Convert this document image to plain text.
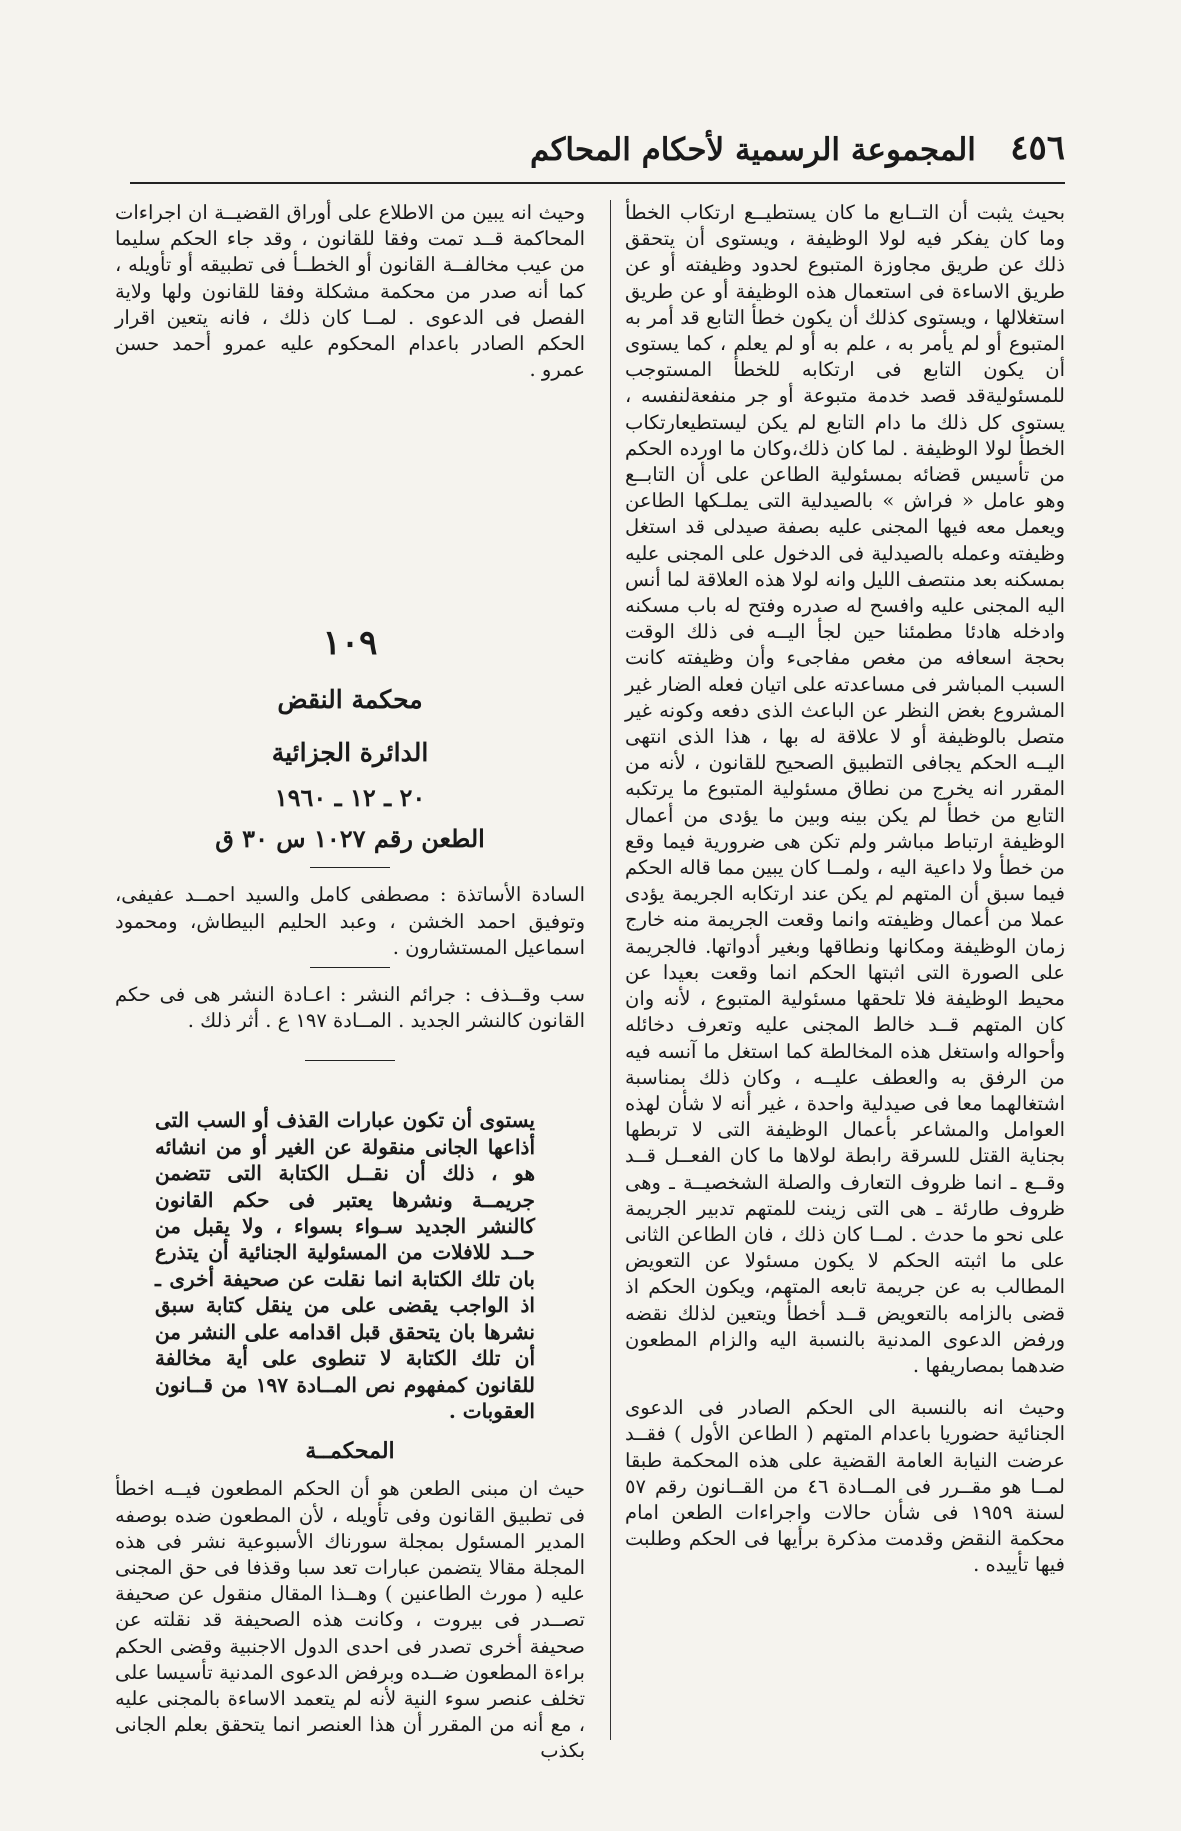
٤٥٦
المجموعة الرسمية لأحكام المحاكم

بحيث يثبت أن التــابع ما كان يستطيــع ارتكاب الخطأ وما كان يفكر فيه لولا الوظيفة ، ويستوى أن يتحقق ذلك عن طريق مجاوزة المتبوع لحدود وظيفته أو عن طريق الاساءة فى استعمال هذه الوظيفة أو عن طريق استغلالها ، ويستوى كذلك أن يكون خطأ التابع قد أمر به المتبوع أو لم يأمر به ، علم به أو لم يعلم ، كما يستوى أن يكون التابع فى ارتكابه للخطأ المستوجب للمسئوليةقد قصد خدمة متبوعة أو جر منفعةلنفسه ، يستوى كل ذلك ما دام التابع لم يكن ليستطيعارتكاب الخطأ لولا الوظيفة . لما كان ذلك،وكان ما اورده الحكم من تأسيس قضائه بمسئولية الطاعن على أن التابــع وهو عامل « فراش » بالصيدلية التى يملـكها الطاعن ويعمل معه فيها المجنى عليه بصفة صيدلى قد استغل وظيفته وعمله بالصيدلية فى الدخول على المجنى عليه بمسكنه بعد منتصف الليل وانه لولا هذه العلاقة لما أنس اليه المجنى عليه وافسح له صدره وفتح له باب مسكنه وادخله هادئا مطمئنا حين لجأ اليــه فى ذلك الوقت بحجة اسعافه من مغص مفاجىء وأن وظيفته كانت السبب المباشر فى مساعدته على اتيان فعله الضار غير المشروع بغض النظر عن الباعث الذى دفعه وكونه غير متصل بالوظيفة أو لا علاقة له بها ، هذا الذى انتهى اليــه الحكم يجافى التطبيق الصحيح للقانون ، لأنه من المقرر انه يخرج من نطاق مسئولية المتبوع ما يرتكبه التابع من خطأ لم يكن بينه وبين ما يؤدى من أعمال الوظيفة ارتباط مباشر ولم تكن هى ضرورية فيما وقع من خطأ ولا داعية اليه ، ولمــا كان يبين مما قاله الحكم فيما سبق أن المتهم لم يكن عند ارتكابه الجريمة يؤدى عملا من أعمال وظيفته وانما وقعت الجريمة منه خارج زمان الوظيفة ومكانها ونطاقها وبغير أدواتها. فالجريمة على الصورة التى اثبتها الحكم انما وقعت بعيدا عن محيط الوظيفة فلا تلحقها مسئولية المتبوع ، لأنه وان كان المتهم قــد خالط المجنى عليه وتعرف دخائله وأحواله واستغل هذه المخالطة كما استغل ما آنسه فيه من الرفق به والعطف عليــه ، وكان ذلك بمناسبة اشتغالهما معا فى صيدلية واحدة ، غير أنه لا شأن لهذه العوامل والمشاعر بأعمال الوظيفة التى لا تربطها بجناية القتل للسرقة رابطة لولاها ما كان الفعــل قــد وقــع ـ انما ظروف التعارف والصلة الشخصيــة ـ وهى ظروف طارئة ـ هى التى زينت للمتهم تدبير الجريمة على نحو ما حدث . لمــا كان ذلك ، فان الطاعن الثانى على ما اثبته الحكم لا يكون مسئولا عن التعويض المطالب به عن جريمة تابعه المتهم، ويكون الحكم اذ قضى بالزامه بالتعويض قــد أخطأ ويتعين لذلك نقضه ورفض الدعوى المدنية بالنسبة اليه والزام المطعون ضدهما بمصاريفها .

وحيث انه بالنسبة الى الحكم الصادر فى الدعوى الجنائية حضوريا باعدام المتهم ( الطاعن الأول ) فقــد عرضت النيابة العامة القضية على هذه المحكمة طبقا لمــا هو مقــرر فى المــادة ٤٦ من القــانون رقم ٥٧ لسنة ١٩٥٩ فى شأن حالات واجراءات الطعن امام محكمة النقض وقدمت مذكرة برأيها فى الحكم وطلبت فيها تأييده .

وحيث انه يبين من الاطلاع على أوراق القضيــة ان اجراءات المحاكمة قــد تمت وفقا للقانون ، وقد جاء الحكم سليما من عيب مخالفــة القانون أو الخطــأ فى تطبيقه أو تأويله ، كما أنه صدر من محكمة مشكلة وفقا للقانون ولها ولاية الفصل فى الدعوى . لمــا كان ذلك ، فانه يتعين اقرار الحكم الصادر باعدام المحكوم عليه عمرو أحمد حسن عمرو .

١٠٩
محكمة النقض
الدائرة الجزائية
٢٠ ـ ١٢ ـ ١٩٦٠
الطعن رقم ١٠٢٧ س ٣٠ ق

السادة الأساتذة : مصطفى كامل والسيد احمــد عفيفى، وتوفيق احمد الخشن ، وعبد الحليم البيطاش، ومحمود اسماعيل المستشارون .

سب وقــذف : جرائم النشر : اعـادة النشر هى فى حكم القانون كالنشر الجديد . المــادة ١٩٧ ع . أثر ذلك .

يستوى أن تكون عبارات القذف أو السب التى أذاعها الجانى منقولة عن الغير أو من انشائه هو ، ذلك أن نقــل الكتابة التى تتضمن جريمــة ونشرها يعتبر فى حكم القانون كالنشر الجديد سـواء بسواء ، ولا يقبل من حــد للافلات من المسئولية الجنائية أن يتذرع بان تلك الكتابة انما نقلت عن صحيفة أخرى ـ اذ الواجب يقضى على من ينقل كتابة سبق نشرها بان يتحقق قبل اقدامه على النشر من أن تلك الكتابة لا تنطوى على أية مخالفة للقانون كمفهوم نص المــادة ١٩٧ من قــانون العقوبات .

المحكمــة

حيث ان مبنى الطعن هو أن الحكم المطعون فيــه اخطأ فى تطبيق القانون وفى تأويله ، لأن المطعون ضده بوصفه المدير المسئول بمجلة سورناك الأسبوعية نشر فى هذه المجلة مقالا يتضمن عبارات تعد سبا وقذفا فى حق المجنى عليه ( مورث الطاعنين ) وهــذا المقال منقول عن صحيفة تصــدر فى بيروت ، وكانت هذه الصحيفة قد نقلته عن صحيفة أخرى تصدر فى احدى الدول الاجنبية وقضى الحكم براءة المطعون ضــده وبرفض الدعوى المدنية تأسيسا على تخلف عنصر سوء النية لأنه لم يتعمد الاساءة بالمجنى عليه ، مع أنه من المقرر أن هذا العنصر انما يتحقق بعلم الجانى بكذب
